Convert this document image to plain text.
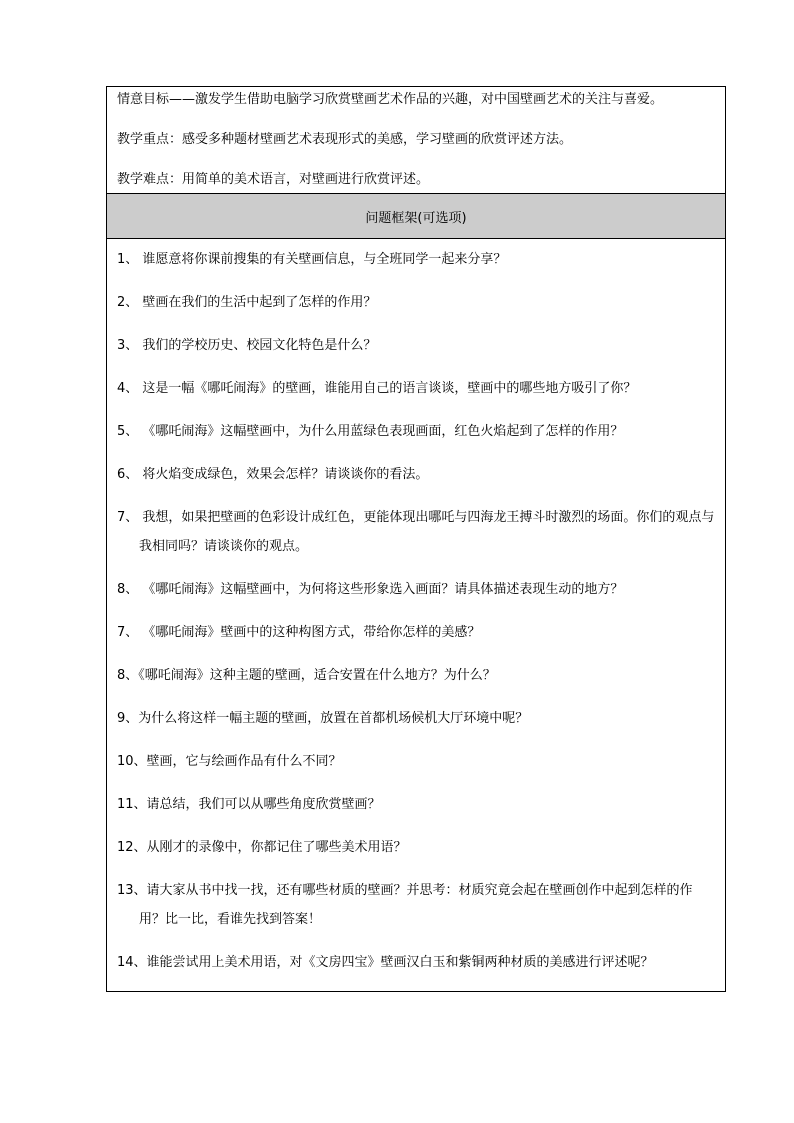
情意目标——激发学生借助电脑学习欣赏壁画艺术作品的兴趣，对中国壁画艺术的关注与喜爱。

教学重点：感受多种题材壁画艺术表现形式的美感，学习壁画的欣赏评述方法。

教学难点：用简单的美术语言，对壁画进行欣赏评述。

问题框架(可选项)

1、 谁愿意将你课前搜集的有关壁画信息，与全班同学一起来分享？

2、 壁画在我们的生活中起到了怎样的作用？

3、 我们的学校历史、校园文化特色是什么？

4、 这是一幅《哪吒闹海》的壁画，谁能用自己的语言谈谈，壁画中的哪些地方吸引了你？

5、 《哪吒闹海》这幅壁画中，为什么用蓝绿色表现画面，红色火焰起到了怎样的作用？

6、 将火焰变成绿色，效果会怎样？请谈谈你的看法。

7、 我想，如果把壁画的色彩设计成红色，更能体现出哪吒与四海龙王搏斗时激烈的场面。你们的观点与我相同吗？请谈谈你的观点。

8、 《哪吒闹海》这幅壁画中，为何将这些形象选入画面？请具体描述表现生动的地方？

7、 《哪吒闹海》壁画中的这种构图方式，带给你怎样的美感？

8、《哪吒闹海》这种主题的壁画，适合安置在什么地方？为什么？

9、为什么将这样一幅主题的壁画，放置在首都机场候机大厅环境中呢？

10、壁画，它与绘画作品有什么不同？

11、请总结，我们可以从哪些角度欣赏壁画？

12、从刚才的录像中，你都记住了哪些美术用语？

13、请大家从书中找一找，还有哪些材质的壁画？并思考：材质究竟会起在壁画创作中起到怎样的作用？比一比，看谁先找到答案！

14、谁能尝试用上美术用语，对《文房四宝》壁画汉白玉和紫铜两种材质的美感进行评述呢？
